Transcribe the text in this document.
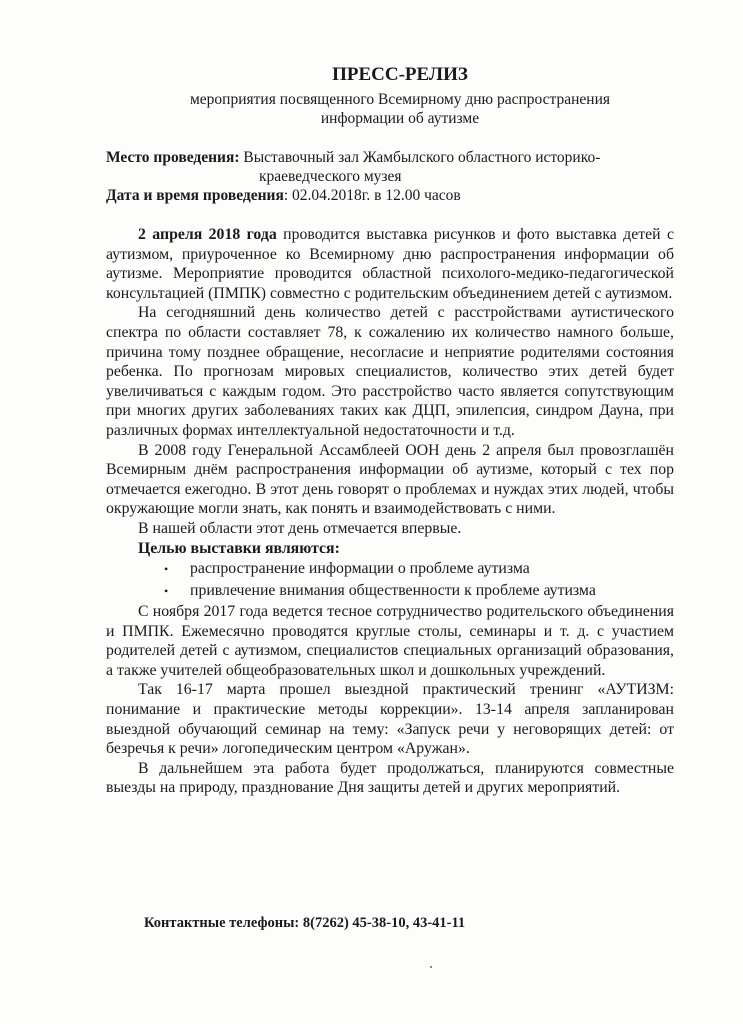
ПРЕСС-РЕЛИЗ
мероприятия посвященного Всемирному дню распространения
информации об аутизме
Место проведения: Выставочный зал Жамбылского областного историко-
краеведческого музея
Дата и время проведения: 02.04.2018г. в 12.00 часов

2 апреля 2018 года проводится выставка рисунков и фото выставка детей с аутизмом, приуроченное ко Всемирному дню распространения информации об аутизме. Мероприятие проводится областной психолого-медико-педагогической консультацией (ПМПК) совместно с родительским объединением детей с аутизмом.

На сегодняшний день количество детей с расстройствами аутистического спектра по области составляет 78, к сожалению их количество намного больше, причина тому позднее обращение, несогласие и неприятие родителями состояния ребенка. По прогнозам мировых специалистов, количество этих детей будет увеличиваться с каждым годом. Это расстройство часто является сопутствующим при многих других заболеваниях таких как ДЦП, эпилепсия, синдром Дауна, при различных формах интеллектуальной недостаточности и т.д.

В 2008 году Генеральной Ассамблеей ООН день 2 апреля был провозглашён Всемирным днём распространения информации об аутизме, который с тех пор отмечается ежегодно. В этот день говорят о проблемах и нуждах этих людей, чтобы окружающие могли знать, как понять и взаимодействовать с ними.

В нашей области этот день отмечается впервые.

Целью выставки являются:
• распространение информации о проблеме аутизма
• привлечение внимания общественности к проблеме аутизма

С ноября 2017 года ведется тесное сотрудничество родительского объединения и ПМПК. Ежемесячно проводятся круглые столы, семинары и т. д. с участием родителей детей с аутизмом, специалистов специальных организаций образования, а также учителей общеобразовательных школ и дошкольных учреждений.

Так 16-17 марта прошел выездной практический тренинг «АУТИЗМ: понимание и практические методы коррекции». 13-14 апреля запланирован выездной обучающий семинар на тему: «Запуск речи у неговорящих детей: от безречья к речи» логопедическим центром «Аружан».

В дальнейшем эта работа будет продолжаться, планируются совместные выезды на природу, празднование Дня защиты детей и других мероприятий.

Контактные телефоны: 8(7262) 45-38-10, 43-41-11
